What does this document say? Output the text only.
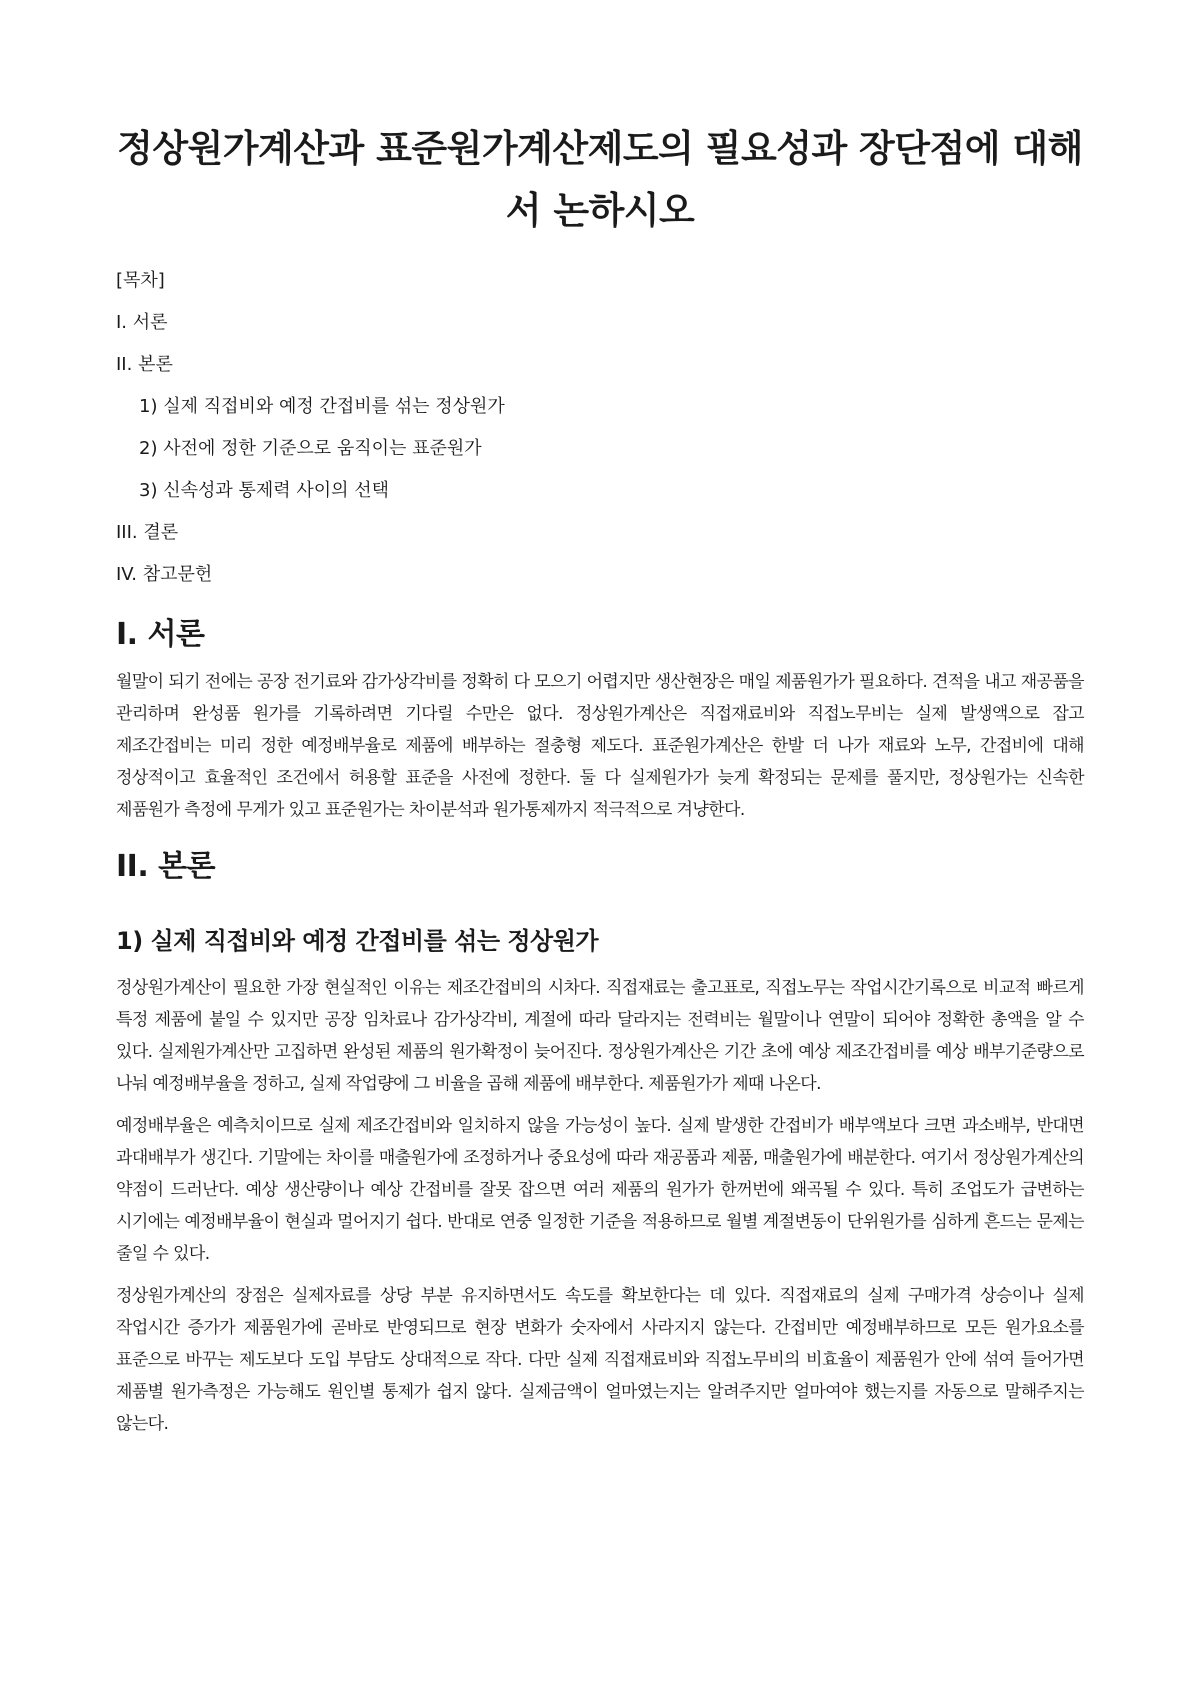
정상원가계산과 표준원가계산제도의 필요성과 장단점에 대해서 논하시오
[목차]
I. 서론
II. 본론
1) 실제 직접비와 예정 간접비를 섞는 정상원가
2) 사전에 정한 기준으로 움직이는 표준원가
3) 신속성과 통제력 사이의 선택
III. 결론
IV. 참고문헌
I. 서론

월말이 되기 전에는 공장 전기료와 감가상각비를 정확히 다 모으기 어렵지만 생산현장은 매일 제품원가가 필요하다. 견적을 내고 재공품을 관리하며 완성품 원가를 기록하려면 기다릴 수만은 없다. 정상원가계산은 직접재료비와 직접노무비는 실제 발생액으로 잡고 제조간접비는 미리 정한 예정배부율로 제품에 배부하는 절충형 제도다. 표준원가계산은 한발 더 나가 재료와 노무, 간접비에 대해 정상적이고 효율적인 조건에서 허용할 표준을 사전에 정한다. 둘 다 실제원가가 늦게 확정되는 문제를 풀지만, 정상원가는 신속한 제품원가 측정에 무게가 있고 표준원가는 차이분석과 원가통제까지 적극적으로 겨냥한다.

II. 본론
1) 실제 직접비와 예정 간접비를 섞는 정상원가

정상원가계산이 필요한 가장 현실적인 이유는 제조간접비의 시차다. 직접재료는 출고표로, 직접노무는 작업시간기록으로 비교적 빠르게 특정 제품에 붙일 수 있지만 공장 임차료나 감가상각비, 계절에 따라 달라지는 전력비는 월말이나 연말이 되어야 정확한 총액을 알 수 있다. 실제원가계산만 고집하면 완성된 제품의 원가확정이 늦어진다. 정상원가계산은 기간 초에 예상 제조간접비를 예상 배부기준량으로 나눠 예정배부율을 정하고, 실제 작업량에 그 비율을 곱해 제품에 배부한다. 제품원가가 제때 나온다.

예정배부율은 예측치이므로 실제 제조간접비와 일치하지 않을 가능성이 높다. 실제 발생한 간접비가 배부액보다 크면 과소배부, 반대면 과대배부가 생긴다. 기말에는 차이를 매출원가에 조정하거나 중요성에 따라 재공품과 제품, 매출원가에 배분한다. 여기서 정상원가계산의 약점이 드러난다. 예상 생산량이나 예상 간접비를 잘못 잡으면 여러 제품의 원가가 한꺼번에 왜곡될 수 있다. 특히 조업도가 급변하는 시기에는 예정배부율이 현실과 멀어지기 쉽다. 반대로 연중 일정한 기준을 적용하므로 월별 계절변동이 단위원가를 심하게 흔드는 문제는 줄일 수 있다.

정상원가계산의 장점은 실제자료를 상당 부분 유지하면서도 속도를 확보한다는 데 있다. 직접재료의 실제 구매가격 상승이나 실제 작업시간 증가가 제품원가에 곧바로 반영되므로 현장 변화가 숫자에서 사라지지 않는다. 간접비만 예정배부하므로 모든 원가요소를 표준으로 바꾸는 제도보다 도입 부담도 상대적으로 작다. 다만 실제 직접재료비와 직접노무비의 비효율이 제품원가 안에 섞여 들어가면 제품별 원가측정은 가능해도 원인별 통제가 쉽지 않다. 실제금액이 얼마였는지는 알려주지만 얼마여야 했는지를 자동으로 말해주지는 않는다.
